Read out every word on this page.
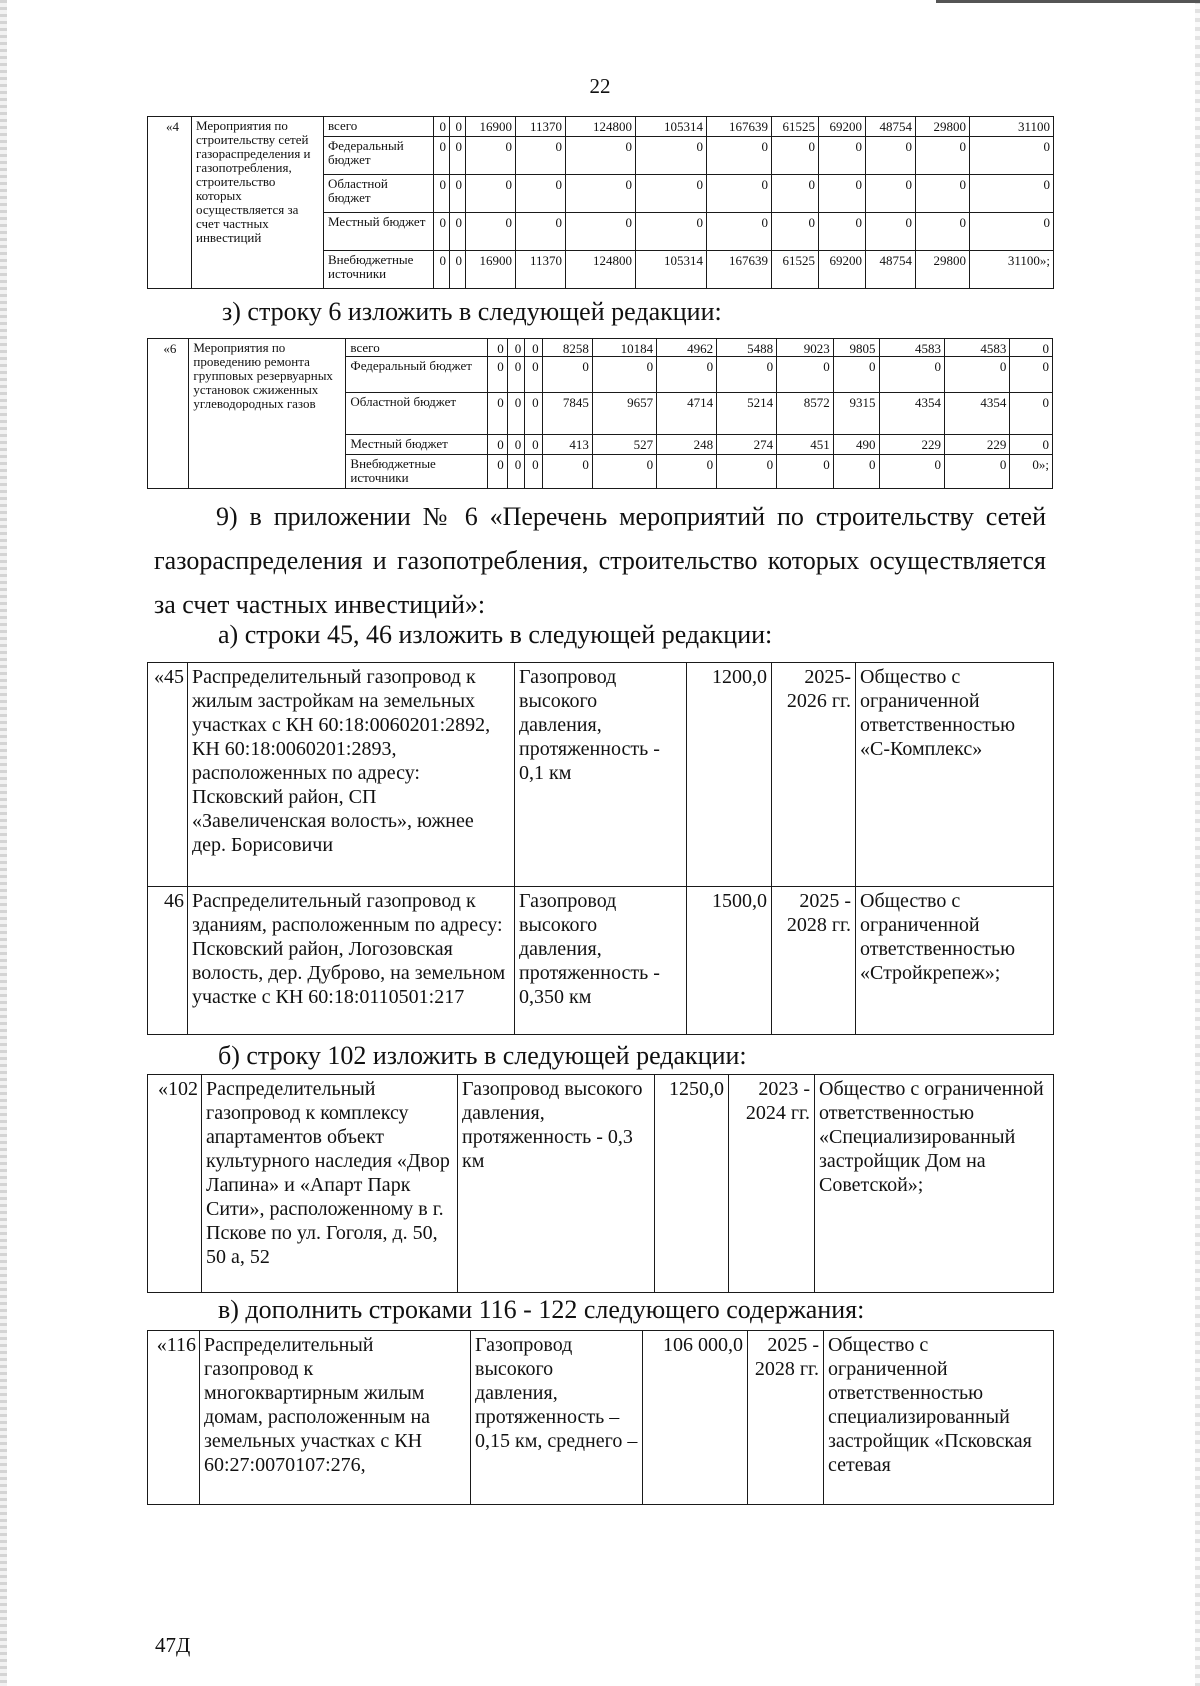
22
«4	Мероприятия по строительству сетей газораспределения и газопотребления, строительство которых осуществляется за счет частных инвестиций	всего	0	0	16900	11370	124800	105314	167639	61525	69200	48754	29800	31100
		Федеральный бюджет	0	0	0	0	0	0	0	0	0	0	0	0
		Областной бюджет	0	0	0	0	0	0	0	0	0	0	0	0
		Местный бюджет	0	0	0	0	0	0	0	0	0	0	0	0
		Внебюджетные источники	0	0	16900	11370	124800	105314	167639	61525	69200	48754	29800	31100»;
з) строку 6 изложить в следующей редакции:
«6	Мероприятия по проведению ремонта групповых резервуарных установок сжиженных углеводородных газов	всего	0	0	0	8258	10184	4962	5488	9023	9805	4583	4583	0
		Федеральный бюджет	0	0	0	0	0	0	0	0	0	0	0	0
		Областной бюджет	0	0	0	7845	9657	4714	5214	8572	9315	4354	4354	0
		Местный бюджет	0	0	0	413	527	248	274	451	490	229	229	0
		Внебюджетные источники	0	0	0	0	0	0	0	0	0	0	0	0»;
9) в приложении № 6 «Перечень мероприятий по строительству сетей газораспределения и газопотребления, строительство которых осуществляется за счет частных инвестиций»:
а) строки 45, 46 изложить в следующей редакции:
«45	Распределительный газопровод к жилым застройкам на земельных участках с КН 60:18:0060201:2892, КН 60:18:0060201:2893, расположенных по адресу: Псковский район, СП «Завеличенская волость», южнее дер. Борисовичи	Газопровод высокого давления, протяженность - 0,1 км	1200,0	2025-2026 гг.	Общество с ограниченной ответственностью «С-Комплекс»
46	Распределительный газопровод к зданиям, расположенным по адресу: Псковский район, Логозовская волость, дер. Дуброво, на земельном участке с КН 60:18:0110501:217	Газопровод высокого давления, протяженность - 0,350 км	1500,0	2025 - 2028 гг.	Общество с ограниченной ответственностью «Стройкрепеж»;
б) строку 102 изложить в следующей редакции:
«102	Распределительный газопровод к комплексу апартаментов объект культурного наследия «Двор Лапина» и «Апарт Парк Сити», расположенному в г. Пскове по ул. Гоголя, д. 50, 50 а, 52	Газопровод высокого давления, протяженность - 0,3 км	1250,0	2023 - 2024 гг.	Общество с ограниченной ответственностью «Специализированный застройщик Дом на Советской»;
в) дополнить строками 116 - 122 следующего содержания:
«116	Распределительный газопровод к многоквартирным жилым домам, расположенным на земельных участках с КН 60:27:0070107:276,	Газопровод высокого давления, протяженность – 0,15 км, среднего –	106 000,0	2025 - 2028 гг.	Общество с ограниченной ответственностью специализированный застройщик «Псковская сетевая
47Д
